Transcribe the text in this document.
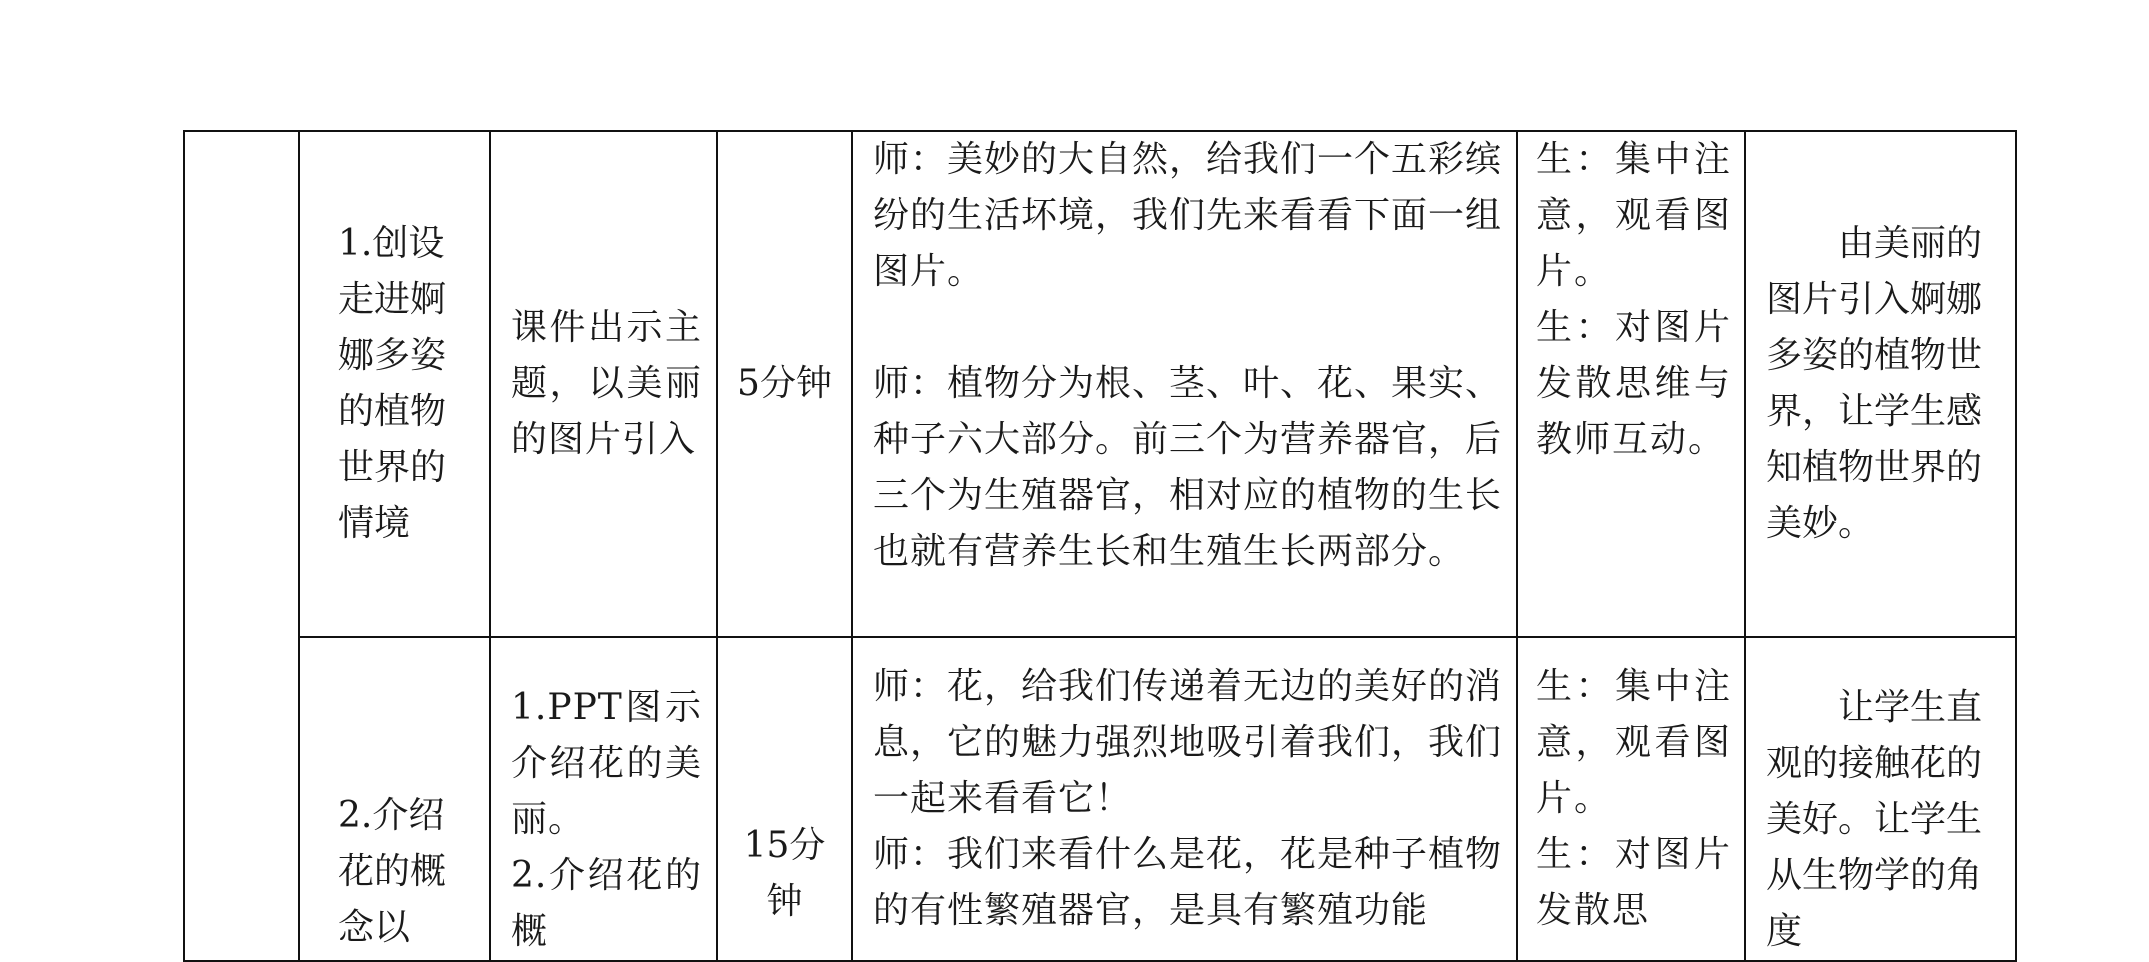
	1.创设走进婀娜多姿的植物世界的情境	课件出示主题，以美丽的图片引入	5分钟	师：美妙的大自然，给我们一个五彩缤纷的生活坏境，我们先来看看下面一组图片。
师：植物分为根、茎、叶、花、果实、种子六大部分。前三个为营养器官，后三个为生殖器官，相对应的植物的生长也就有营养生长和生殖生长两部分。	生：集中注意，观看图片。
生：对图片发散思维与教师互动。	由美丽的图片引入婀娜多姿的植物世界，让学生感知植物世界的美妙。

	2.介绍花的概念以	1.PPT图示介绍花的美丽。
2.介绍花的概	15分钟	师：花，给我们传递着无边的美好的消息，它的魅力强烈地吸引着我们，我们一起来看看它！
师：我们来看什么是花，花是种子植物的有性繁殖器官，是具有繁殖功能	生：集中注意，观看图片。
生：对图片发散思	让学生直观的接触花的美好。让学生从生物学的角度
